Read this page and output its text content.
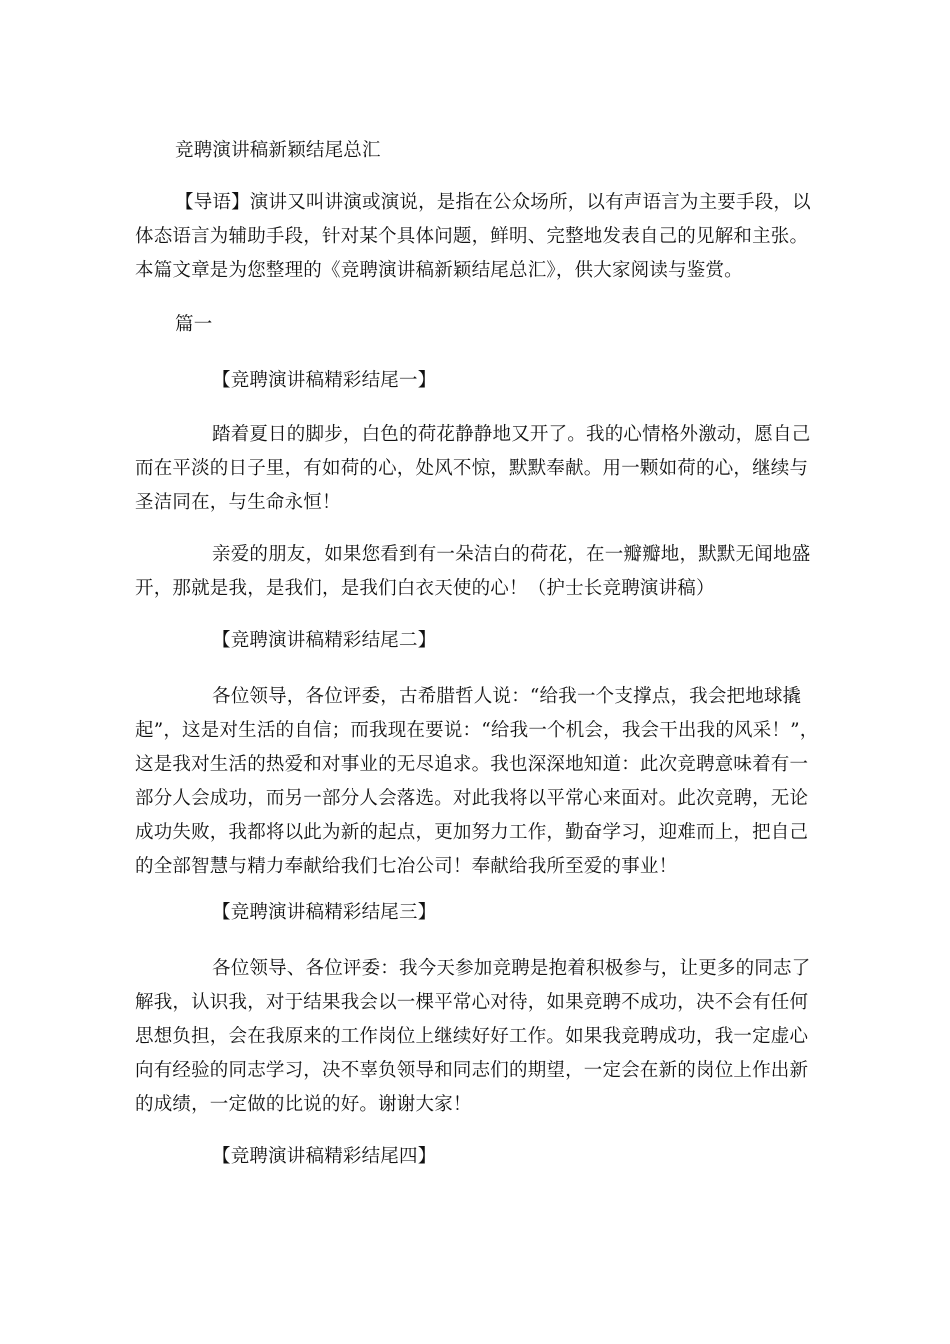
竞聘演讲稿新颖结尾总汇
【导语】演讲又叫讲演或演说，是指在公众场所，以有声语言为主要手段，以体态语言为辅助手段，针对某个具体问题，鲜明、完整地发表自己的见解和主张。本篇文章是为您整理的《竞聘演讲稿新颖结尾总汇》，供大家阅读与鉴赏。
篇一
【竞聘演讲稿精彩结尾一】
踏着夏日的脚步，白色的荷花静静地又开了。我的心情格外激动，愿自己而在平淡的日子里，有如荷的心，处风不惊，默默奉献。用一颗如荷的心，继续与圣洁同在，与生命永恒！
亲爱的朋友，如果您看到有一朵洁白的荷花，在一瓣瓣地，默默无闻地盛开，那就是我，是我们，是我们白衣天使的心！（护士长竞聘演讲稿）
【竞聘演讲稿精彩结尾二】
各位领导，各位评委，古希腊哲人说：“给我一个支撑点，我会把地球撬起”，这是对生活的自信；而我现在要说：“给我一个机会，我会干出我的风采！”，这是我对生活的热爱和对事业的无尽追求。我也深深地知道：此次竞聘意味着有一部分人会成功，而另一部分人会落选。对此我将以平常心来面对。此次竞聘，无论成功失败，我都将以此为新的起点，更加努力工作，勤奋学习，迎难而上，把自己的全部智慧与精力奉献给我们七冶公司！奉献给我所至爱的事业！
【竞聘演讲稿精彩结尾三】
各位领导、各位评委：我今天参加竞聘是抱着积极参与，让更多的同志了解我，认识我，对于结果我会以一棵平常心对待，如果竞聘不成功，决不会有任何思想负担，会在我原来的工作岗位上继续好好工作。如果我竞聘成功，我一定虚心向有经验的同志学习，决不辜负领导和同志们的期望，一定会在新的岗位上作出新的成绩，一定做的比说的好。谢谢大家！
【竞聘演讲稿精彩结尾四】
